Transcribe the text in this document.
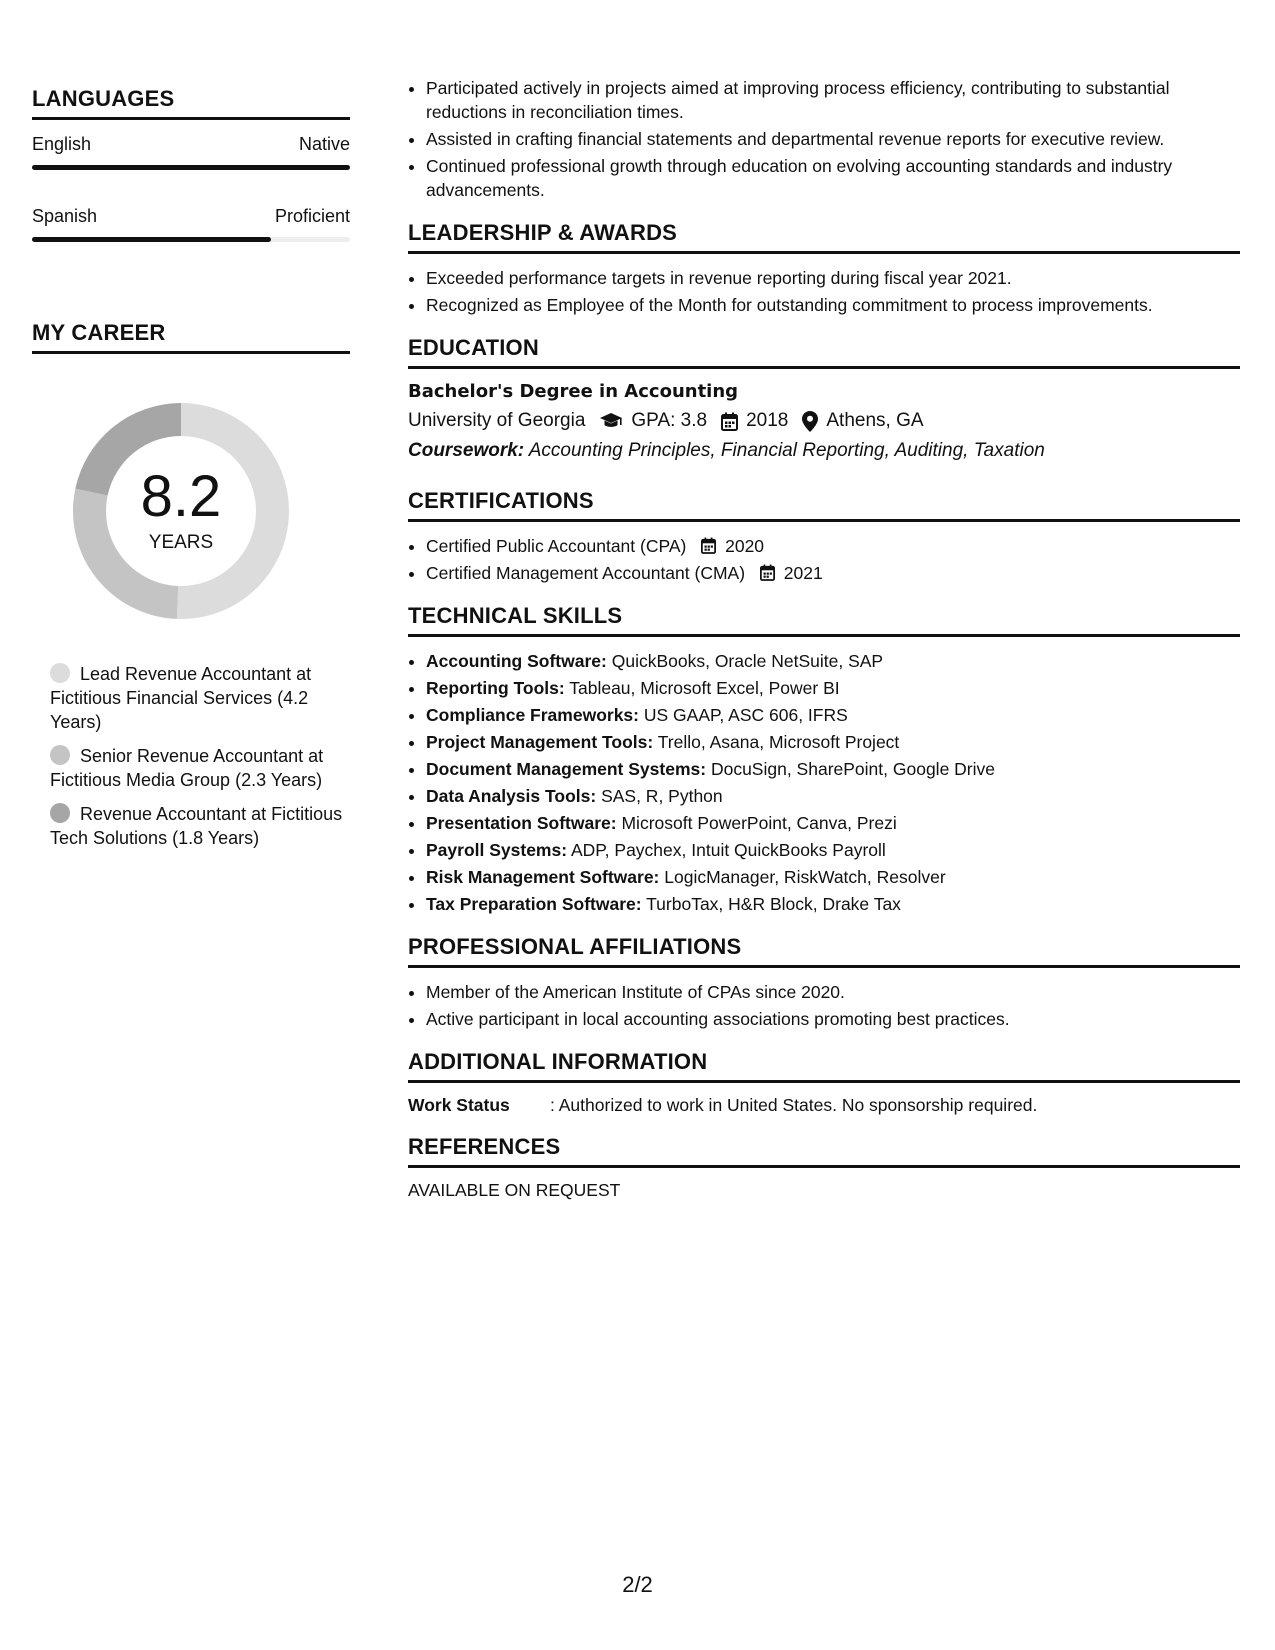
LANGUAGES
English	Native
Spanish	Proficient
MY CAREER
8.2
YEARS
Lead Revenue Accountant at Fictitious Financial Services (4.2 Years)
Senior Revenue Accountant at Fictitious Media Group (2.3 Years)
Revenue Accountant at Fictitious Tech Solutions (1.8 Years)
• Participated actively in projects aimed at improving process efficiency, contributing to substantial reductions in reconciliation times.
• Assisted in crafting financial statements and departmental revenue reports for executive review.
• Continued professional growth through education on evolving accounting standards and industry advancements.
LEADERSHIP & AWARDS
• Exceeded performance targets in revenue reporting during fiscal year 2021.
• Recognized as Employee of the Month for outstanding commitment to process improvements.
EDUCATION
Bachelor's Degree in Accounting
University of Georgia GPA: 3.8 2018 Athens, GA
Coursework: Accounting Principles, Financial Reporting, Auditing, Taxation
CERTIFICATIONS
• Certified Public Accountant (CPA) 2020
• Certified Management Accountant (CMA) 2021
TECHNICAL SKILLS
• Accounting Software: QuickBooks, Oracle NetSuite, SAP
• Reporting Tools: Tableau, Microsoft Excel, Power BI
• Compliance Frameworks: US GAAP, ASC 606, IFRS
• Project Management Tools: Trello, Asana, Microsoft Project
• Document Management Systems: DocuSign, SharePoint, Google Drive
• Data Analysis Tools: SAS, R, Python
• Presentation Software: Microsoft PowerPoint, Canva, Prezi
• Payroll Systems: ADP, Paychex, Intuit QuickBooks Payroll
• Risk Management Software: LogicManager, RiskWatch, Resolver
• Tax Preparation Software: TurboTax, H&R Block, Drake Tax
PROFESSIONAL AFFILIATIONS
• Member of the American Institute of CPAs since 2020.
• Active participant in local accounting associations promoting best practices.
ADDITIONAL INFORMATION
Work Status	: Authorized to work in United States. No sponsorship required.
REFERENCES
AVAILABLE ON REQUEST
2/2
